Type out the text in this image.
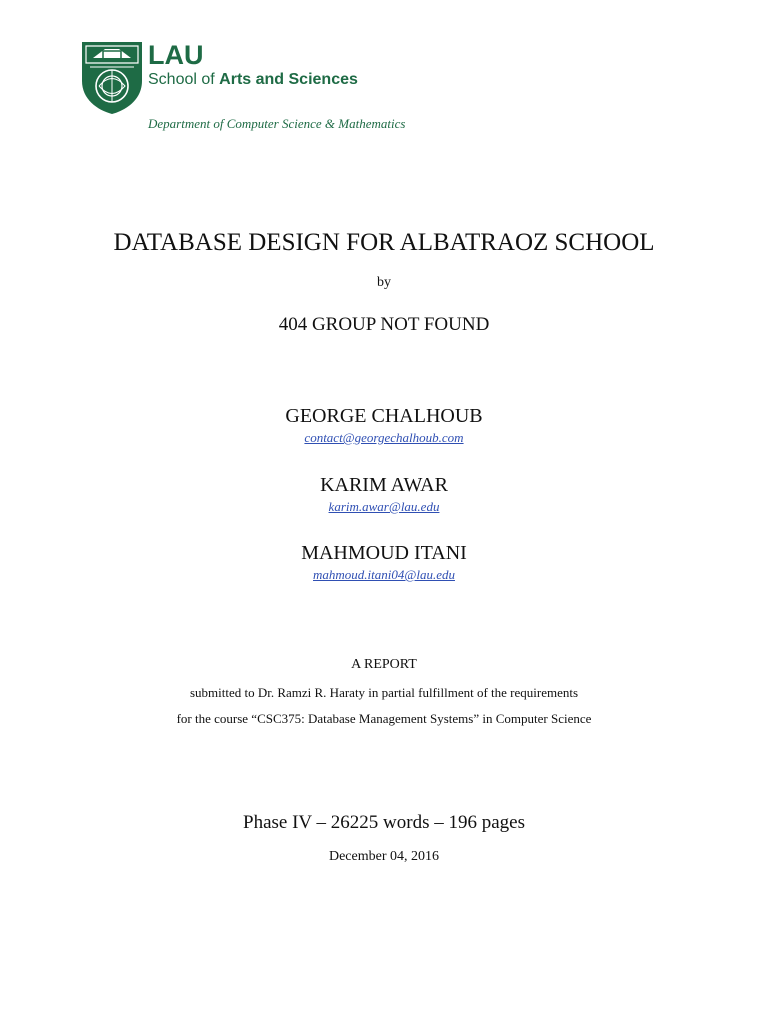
LAU
School of Arts and Sciences
Department of Computer Science & Mathematics
DATABASE DESIGN FOR ALBATRAOZ SCHOOL
by
404 GROUP NOT FOUND
GEORGE CHALHOUB
contact@georgechalhoub.com
KARIM AWAR
karim.awar@lau.edu
MAHMOUD ITANI
mahmoud.itani04@lau.edu
A REPORT
submitted to Dr. Ramzi R. Haraty in partial fulfillment of the requirements
for the course “CSC375: Database Management Systems” in Computer Science
Phase IV – 26225 words – 196 pages
December 04, 2016
